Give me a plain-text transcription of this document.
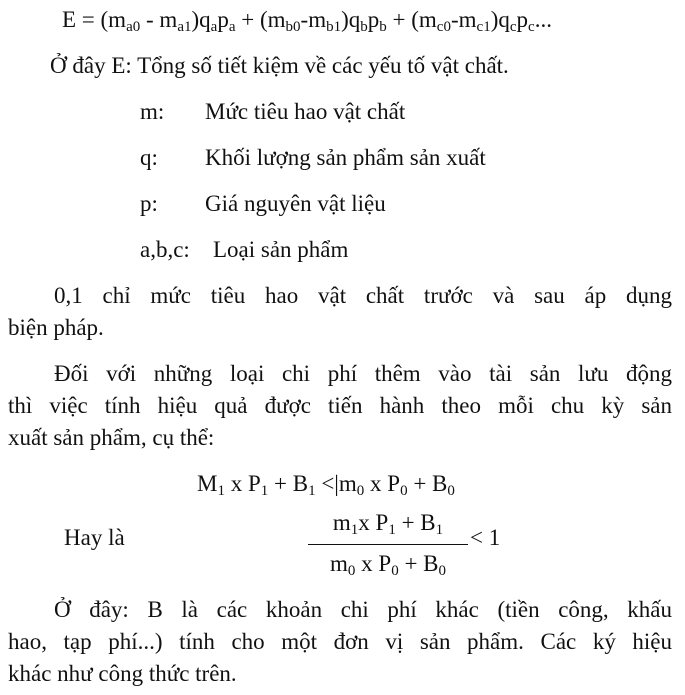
$E = (m_{a0} - m_{a1})q_ap_a + (m_{b0}-m_{b1})q_bp_b + (m_{c0}-m_{c1})q_cp_c$...
Ở đây E: Tổng số tiết kiệm về các yếu tố vật chất.
m: Mức tiêu hao vật chất
q: Khối lượng sản phẩm sản xuất
p: Giá nguyên vật liệu
a,b,c: Loại sản phẩm
0,1 chỉ mức tiêu hao vật chất trước và sau áp dụng
biện pháp.
Đối với những loại chi phí thêm vào tài sản lưu động
thì việc tính hiệu quả được tiến hành theo mỗi chu kỳ sản
xuất sản phẩm, cụ thể:
$M_1$ x $P_1 + B_1 <|m_0$ x $P_0 + B_0$
Hay là
$m_1x$ $P_1 + B_1$
$m_0$ x $P_0 + B_0$
< 1
Ở đây: B là các khoản chi phí khác (tiền công, khấu
hao, tạp phí...) tính cho một đơn vị sản phẩm. Các ký hiệu
khác như công thức trên.
